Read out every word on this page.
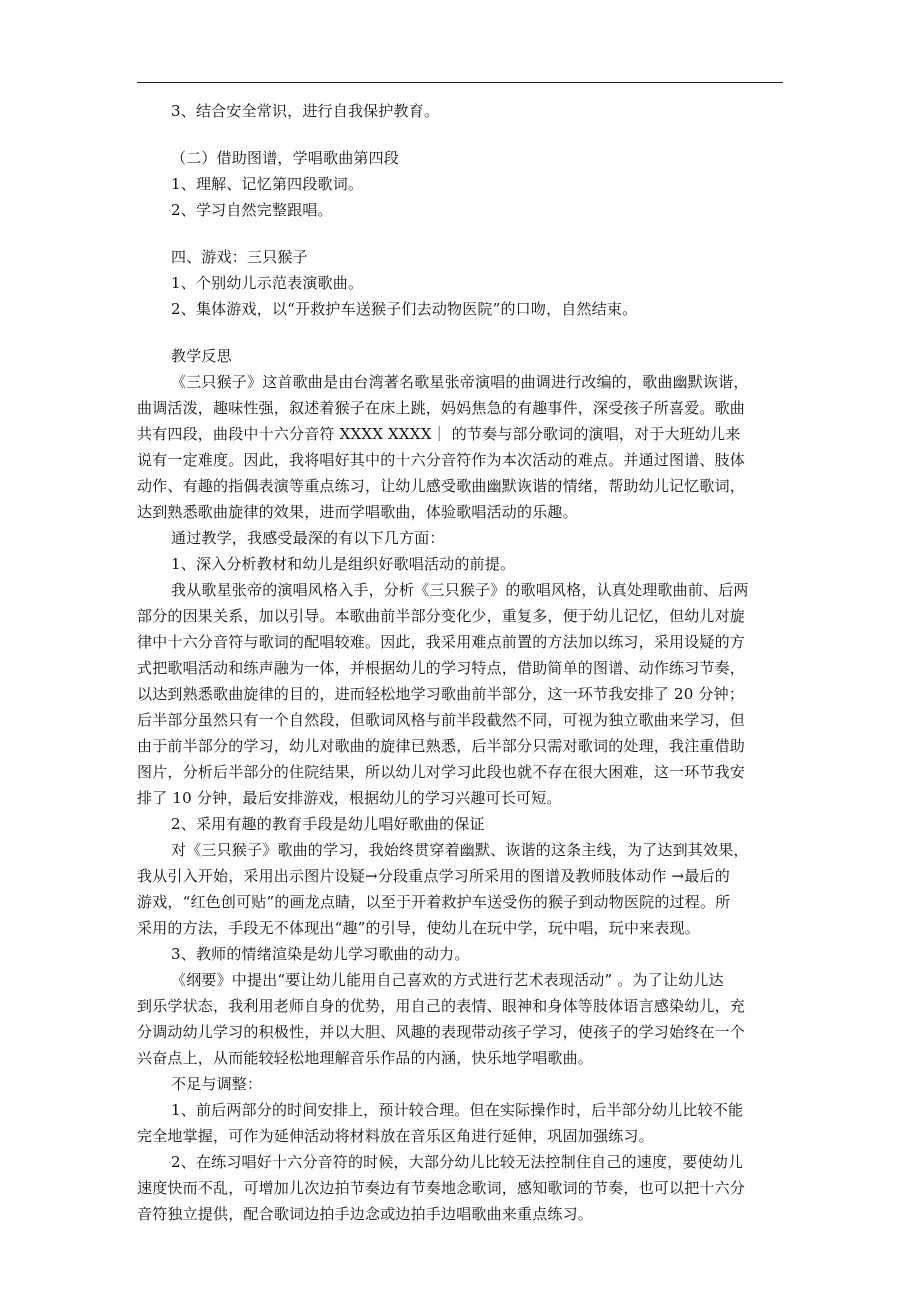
3、结合安全常识，进行自我保护教育。
（二）借助图谱，学唱歌曲第四段
1、理解、记忆第四段歌词。
2、学习自然完整跟唱。
四、游戏：三只猴子
1、个别幼儿示范表演歌曲。
2、集体游戏，以“开救护车送猴子们去动物医院”的口吻，自然结束。
教学反思
《三只猴子》这首歌曲是由台湾著名歌星张帝演唱的曲调进行改编的，歌曲幽默诙谐，
曲调活泼，趣味性强，叙述着猴子在床上跳，妈妈焦急的有趣事件，深受孩子所喜爱。歌曲
共有四段，曲段中十六分音符 XXXX XXXX｜ 的节奏与部分歌词的演唱，对于大班幼儿来
说有一定难度。因此，我将唱好其中的十六分音符作为本次活动的难点。并通过图谱、肢体
动作、有趣的指偶表演等重点练习，让幼儿感受歌曲幽默诙谐的情绪，帮助幼儿记忆歌词，
达到熟悉歌曲旋律的效果，进而学唱歌曲，体验歌唱活动的乐趣。
通过教学，我感受最深的有以下几方面：
1、深入分析教材和幼儿是组织好歌唱活动的前提。
我从歌星张帝的演唱风格入手，分析《三只猴子》的歌唱风格，认真处理歌曲前、后两
部分的因果关系，加以引导。本歌曲前半部分变化少，重复多，便于幼儿记忆，但幼儿对旋
律中十六分音符与歌词的配唱较难。因此，我采用难点前置的方法加以练习，采用设疑的方
式把歌唱活动和练声融为一体，并根据幼儿的学习特点，借助简单的图谱、动作练习节奏，
以达到熟悉歌曲旋律的目的，进而轻松地学习歌曲前半部分，这一环节我安排了 20 分钟；
后半部分虽然只有一个自然段，但歌词风格与前半段截然不同，可视为独立歌曲来学习，但
由于前半部分的学习，幼儿对歌曲的旋律已熟悉，后半部分只需对歌词的处理，我注重借助
图片，分析后半部分的住院结果，所以幼儿对学习此段也就不存在很大困难，这一环节我安
排了 10 分钟，最后安排游戏，根据幼儿的学习兴趣可长可短。
2、采用有趣的教育手段是幼儿唱好歌曲的保证
对《三只猴子》歌曲的学习，我始终贯穿着幽默、诙谐的这条主线，为了达到其效果，
我从引入开始，采用出示图片设疑→分段重点学习所采用的图谱及教师肢体动作 →最后的
游戏，“红色创可贴”的画龙点睛，以至于开着救护车送受伤的猴子到动物医院的过程。所
采用的方法，手段无不体现出“趣”的引导，使幼儿在玩中学，玩中唱，玩中来表现。
3、教师的情绪渲染是幼儿学习歌曲的动力。
《纲要》中提出“要让幼儿能用自己喜欢的方式进行艺术表现活动” 。为了让幼儿达
到乐学状态，我利用老师自身的优势，用自己的表情、眼神和身体等肢体语言感染幼儿，充
分调动幼儿学习的积极性，并以大胆、风趣的表现带动孩子学习，使孩子的学习始终在一个
兴奋点上，从而能较轻松地理解音乐作品的内涵，快乐地学唱歌曲。
不足与调整：
1、前后两部分的时间安排上，预计较合理。但在实际操作时，后半部分幼儿比较不能
完全地掌握，可作为延伸活动将材料放在音乐区角进行延伸，巩固加强练习。
2、在练习唱好十六分音符的时候，大部分幼儿比较无法控制住自己的速度，要使幼儿
速度快而不乱，可增加儿次边拍节奏边有节奏地念歌词，感知歌词的节奏，也可以把十六分
音符独立提供，配合歌词边拍手边念或边拍手边唱歌曲来重点练习。
